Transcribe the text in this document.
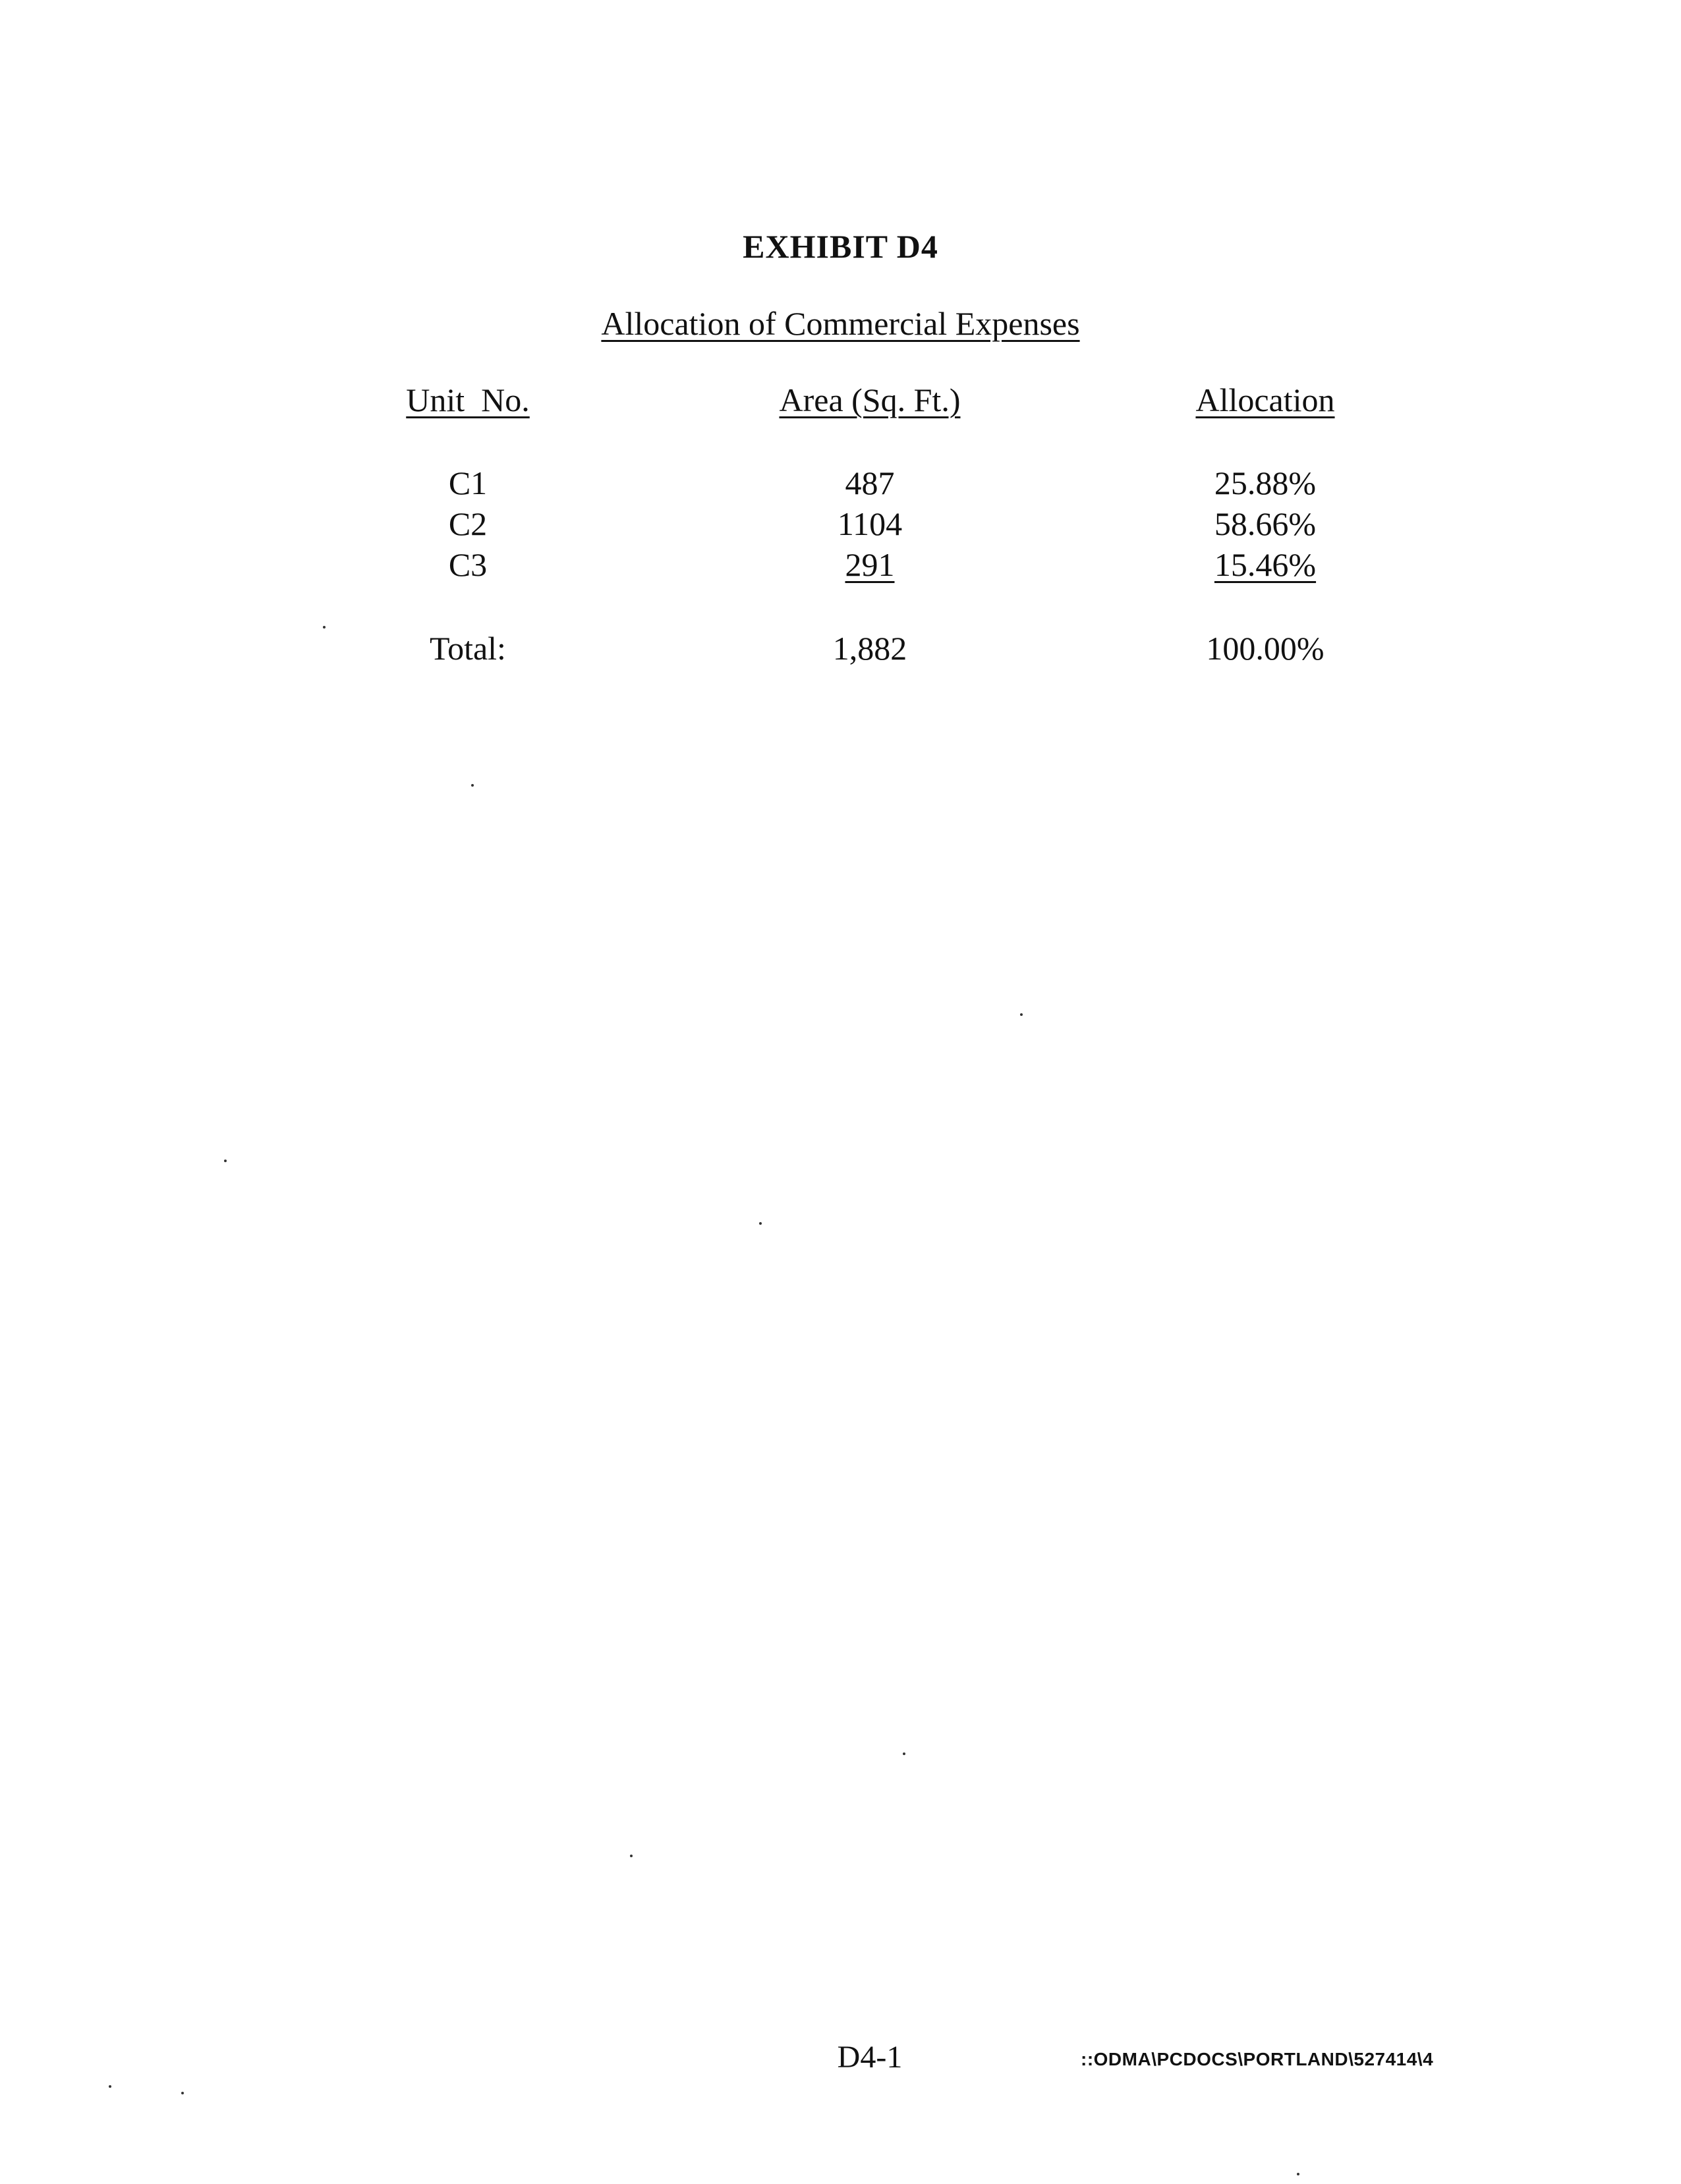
EXHIBIT D4
Allocation of Commercial Expenses
Unit  No.	Area (Sq. Ft.)	Allocation
C1	487	25.88%
C2	1104	58.66%
C3	291	15.46%
Total:	1,882	100.00%
D4-1	::ODMA\PCDOCS\PORTLAND\527414\4
